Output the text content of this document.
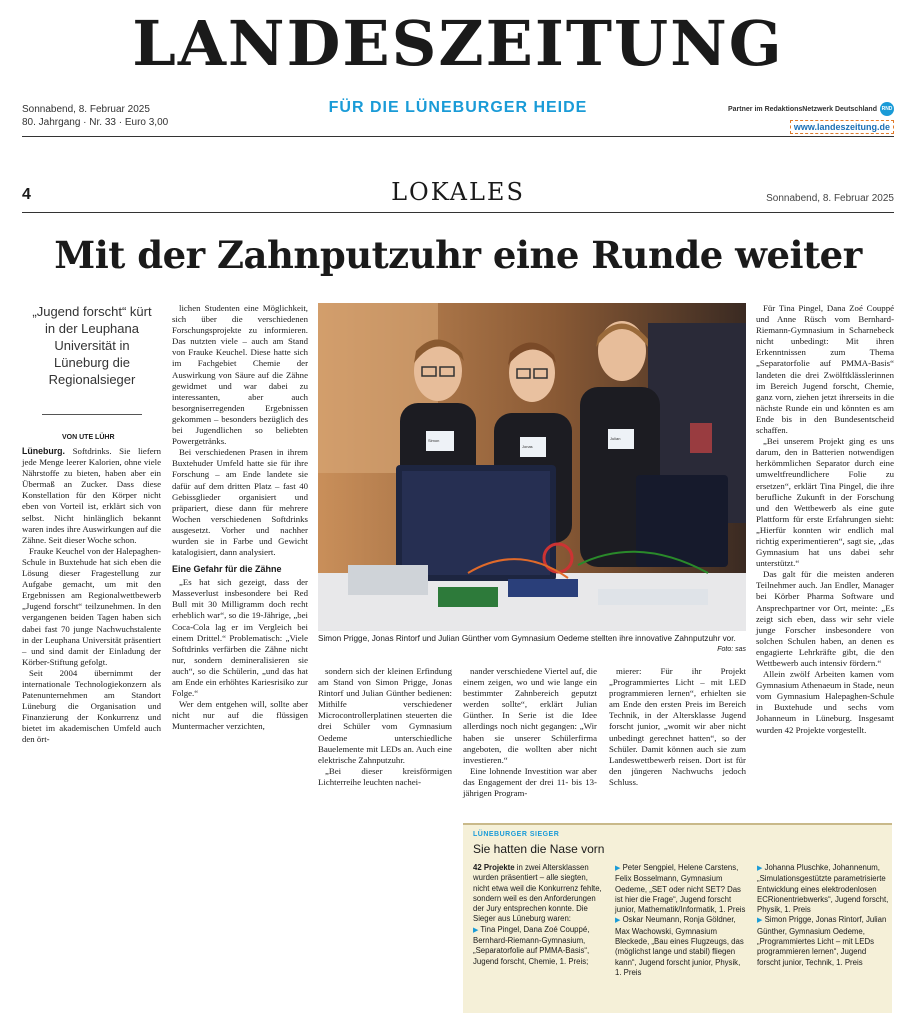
LANDESZEITUNG
Sonnabend, 8. Februar 2025
80. Jahrgang · Nr. 33 · Euro 3,00
FÜR DIE LÜNEBURGER HEIDE	Partner im RedaktionsNetzwerk Deutschland RND
www.landeszeitung.de
4	LOKALES	Sonnabend, 8. Februar 2025
Mit der Zahnputzuhr eine Runde weiter
„Jugend forscht“ kürt in der Leuphana Universität in Lüneburg die Regionalsieger
VON UTE LÜHR

Lüneburg. Softdrinks. Sie liefern jede Menge leerer Kalorien, ohne viele Nährstoffe zu bieten, haben aber ein Übermaß an Zucker. Dass diese Konstellation für den Körper nicht eben von Vorteil ist, erklärt sich von selbst. Nicht hinlänglich bekannt waren indes ihre Auswirkungen auf die Zähne. Seit dieser Woche schon.

Frauke Keuchel von der Halepaghen-Schule in Buxtehude hat sich eben die Lösung dieser Fragestellung zur Aufgabe gemacht, um mit den Ergebnissen am Regionalwettbewerb „Jugend forscht“ teilzunehmen. In den vergangenen beiden Tagen haben sich dabei fast 70 junge Nachwuchstalente in der Leuphana Universität präsentiert – und sind damit der Einladung der Körber-Stiftung gefolgt.

Seit 2004 übernimmt der internationale Technologiekonzern als Patenunternehmen am Standort Lüneburg die Organisation und Finanzierung der Konkurrenz und bietet im akademischen Umfeld auch den ört-

lichen Studenten eine Möglichkeit, sich über die verschiedenen Forschungsprojekte zu informieren. Das nutzten viele – auch am Stand von Frauke Keuchel. Diese hatte sich im Fachgebiet Chemie der Auswirkung von Säure auf die Zähne gewidmet und war dabei zu interessanten, aber auch besorgniserregenden Ergebnissen gekommen – besonders bezüglich des bei Jugendlichen so beliebten Powergetränks.

Bei verschiedenen Prasen in ihrem Buxtehuder Umfeld hatte sie für ihre Forschung – am Ende landete sie dafür auf dem dritten Platz – fast 40 Gebissglieder organisiert und präpariert, diese dann für mehrere Wochen verschiedenen Softdrinks ausgesetzt. Vorher und nachher wurden sie in Farbe und Gewicht katalogisiert, dann analysiert.

Eine Gefahr für die Zähne

„Es hat sich gezeigt, dass der Masseverlust insbesondere bei Red Bull mit 30 Milligramm doch recht erheblich war“, so die 19-Jährige, „bei Coca-Cola lag er im Vergleich bei einem Drittel.“ Problematisch: „Viele Softdrinks verfärben die Zähne nicht nur, sondern demineralisieren sie auch“, so die Schülerin, „und das hat am Ende ein erhöhtes Kariesrisiko zur Folge.“

Wer dem entgehen will, sollte aber nicht nur auf die flüssigen Muntermacher verzichten,

sondern sich der kleinen Erfindung am Stand von Simon Prigge, Jonas Rintorf und Julian Günther bedienen: Mithilfe verschiedener Microcontrollerplatinen steuerten die drei Schüler vom Gymnasium Oedeme unterschiedliche Bauelemente mit LEDs an. Auch eine elektrische Zahnputzuhr.

„Bei dieser kreisförmigen Lichterreihe leuchten nachei-

nander verschiedene Viertel auf, die einem zeigen, wo und wie lange ein bestimmter Zahnbereich geputzt werden sollte“, erklärt Julian Günther. In Serie ist die Idee allerdings noch nicht gegangen: „Wir haben sie unserer Schülerfirma angeboten, die wollten aber nicht investieren.“

Eine lohnende Investition war aber das Engagement der drei 11- bis 13-jährigen Program-

mierer: Für ihr Projekt „Programmiertes Licht – mit LED programmieren lernen“, erhielten sie am Ende den ersten Preis im Bereich Technik, in der Altersklasse Jugend forscht junior, „womit wir aber nicht unbedingt gerechnet hatten“, so der Schüler. Damit können auch sie zum Landeswettbewerb reisen. Dort ist für den jüngeren Nachwuchs jedoch Schluss.

Für Tina Pingel, Dana Zoé Couppé und Anne Rüsch vom Bernhard-Riemann-Gymnasium in Scharnebeck nicht unbedingt: Mit ihren Erkenntnissen zum Thema „Separatorfolie auf PMMA-Basis“ landeten die drei Zwölftklässlerinnen im Bereich Jugend forscht, Chemie, ganz vorn, ziehen jetzt ihrerseits in die nächste Runde ein und könnten es am Ende bis in den Bundesentscheid schaffen.

„Bei unserem Projekt ging es uns darum, den in Batterien notwendigen herkömmlichen Separator durch eine umweltfreundlichere Folie zu ersetzen“, erklärt Tina Pingel, die ihre berufliche Zukunft in der Forschung und den Wettbewerb als eine gute Plattform für erste Erfahrungen sieht: „Hierfür konnten wir endlich mal richtig experimentieren“, sagt sie, „das Gymnasium hat uns dabei sehr unterstützt.“

Das galt für die meisten anderen Teilnehmer auch. Jan Endler, Manager bei Körber Pharma Software und Ansprechpartner vor Ort, meinte: „Es zeigt sich eben, dass wir sehr viele junge Forscher insbesondere von solchen Schulen haben, an denen es engagierte Lehrkräfte gibt, die den Wettbewerb auch intensiv fördern.“

Allein zwölf Arbeiten kamen vom Gymnasium Athenaeum in Stade, neun vom Gymnasium Halepaghen-Schule in Buxtehude und sechs vom Johanneum in Lüneburg. Insgesamt wurden 42 Projekte vorgestellt.

Simon
Jonas
Julian
Simon Prigge, Jonas Rintorf und Julian Günther vom Gymnasium Oedeme stellten ihre innovative Zahnputzuhr vor.
Foto: sas
LÜNEBURGER SIEGER
Sie hatten die Nase vorn
42 Projekte in zwei Altersklassen wurden präsentiert – alle siegten, nicht etwa weil die Konkurrenz fehlte, sondern weil es den Anforderungen der Jury entsprechen konnte. Die Sieger aus Lüneburg waren:
▶ Tina Pingel, Dana Zoé Couppé, Bernhard-Riemann-Gymnasium, „Separatorfolie auf PMMA-Basis“, Jugend forscht, Chemie, 1. Preis;
▶ Peter Sengpiel, Helene Carstens, Felix Bosselmann, Gymnasium Oedeme, „SET oder nicht SET? Das ist hier die Frage“, Jugend forscht junior, Mathematik/Informatik, 1. Preis
▶ Oskar Neumann, Ronja Göldner, Max Wachowski, Gymnasium Bleckede, „Bau eines Flugzeugs, das (möglichst lange und stabil) fliegen kann“, Jugend forscht junior, Physik, 1. Preis
▶ Johanna Pluschke, Johannenum, „Simulationsgestützte parametrisierte Entwicklung eines elektrodenlosen ECRionentriebwerks“, Jugend forscht, Physik, 1. Preis
▶ Simon Prigge, Jonas Rintorf, Julian Günther, Gymnasium Oedeme, „Programmiertes Licht – mit LEDs programmieren lernen“, Jugend forscht junior, Technik, 1. Preis
